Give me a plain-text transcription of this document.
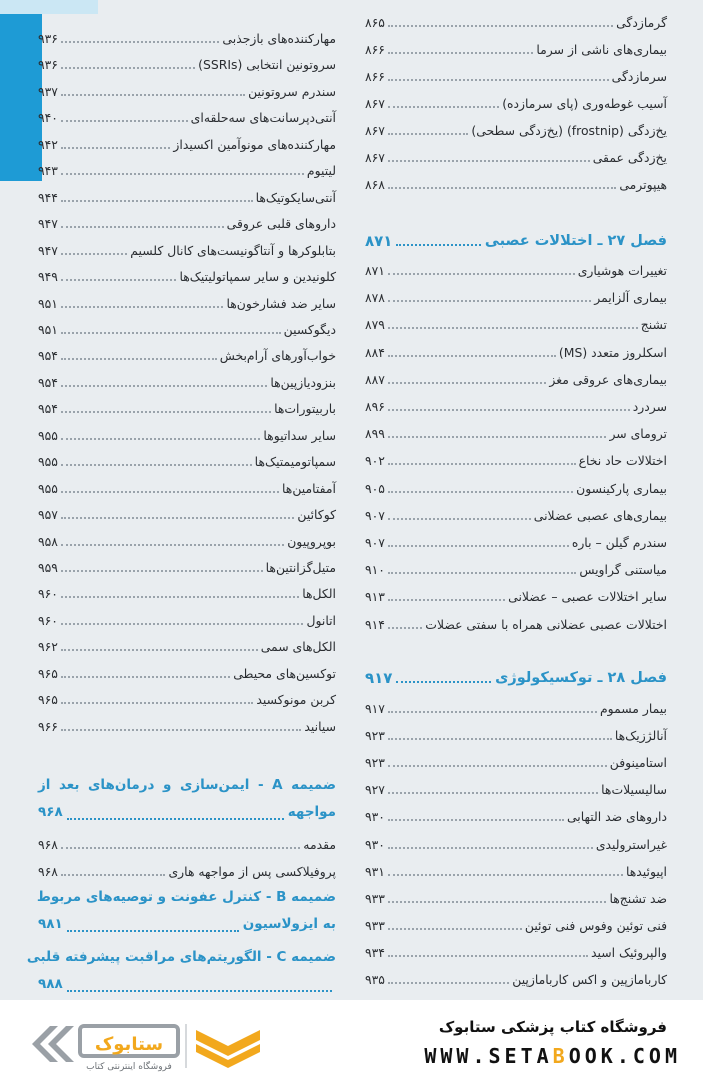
گرمازدگی
۸۶۵
بیماری‌های ناشی از سرما
۸۶۶
سرمازدگی
۸۶۶
آسیب غوطه‌وری (پای سرمازده)
۸۶۷
یخ‌زدگی (frostnip) (یخ‌زدگی سطحی)
۸۶۷
یخ‌زدگی عمقی
۸۶۷
هیپوترمی
۸۶۸
فصل ۲۷ ـ اختلالات عصبی
۸۷۱
تغییرات هوشیاری
۸۷۱
بیماری آلزایمر
۸۷۸
تشنج
۸۷۹
اسکلروز متعدد (MS)
۸۸۴
بیماری‌های عروقی مغز
۸۸۷
سردرد
۸۹۶
ترومای سر
۸۹۹
اختلالات حاد نخاع
۹۰۲
بیماری پارکینسون
۹۰۵
بیماری‌های عصبی عضلانی
۹۰۷
سندرم گیلن – باره
۹۰۷
میاستنی گراویس
۹۱۰
سایر اختلالات عصبی – عضلانی
۹۱۳
اختلالات عصبی عضلانی همراه با سفتی عضلات
۹۱۴
فصل ۲۸ ـ توکسیکولوژی
۹۱۷
بیمار مسموم
۹۱۷
آنالژزیک‌ها
۹۲۳
استامینوفن
۹۲۳
سالیسیلات‌ها
۹۲۷
داروهای ضد التهابی
۹۳۰
غیراسترولیدی
۹۳۰
اپیوئیدها
۹۳۱
ضد تشنج‌ها
۹۳۳
فنی توئین وفوس فنی توئین
۹۳۳
والپروئیک اسید
۹۳۴
کاربامازپین و اکس کاربامازپین
۹۳۵
مهارکننده‌های بازجذبی
۹۳۶
سروتونین انتخابی (SSRIs)
۹۳۶
سندرم سروتونین
۹۳۷
آنتی‌دپرسانت‌های سه‌حلقه‌ای
۹۴۰
مهارکننده‌های مونوآمین اکسیداز
۹۴۲
لیتیوم
۹۴۳
آنتی‌سایکوتیک‌ها
۹۴۴
داروهای قلبی عروقی
۹۴۷
بتابلوکرها و آنتاگونیست‌های کانال کلسیم
۹۴۷
کلونیدین و سایر سمپاتولیتیک‌ها
۹۴۹
سایر ضد فشارخون‌ها
۹۵۱
دیگوکسین
۹۵۱
خواب‌آورهای آرام‌بخش
۹۵۴
بنزودیازپین‌ها
۹۵۴
باربیتورات‌ها
۹۵۴
سایر سداتیوها
۹۵۵
سمپاتومیمتیک‌ها
۹۵۵
آمفتامین‌ها
۹۵۵
کوکائین
۹۵۷
بوپروپیون
۹۵۸
متیل‌گزانتین‌ها
۹۵۹
الکل‌ها
۹۶۰
اتانول
۹۶۰
الکل‌های سمی
۹۶۲
توکسین‌های محیطی
۹۶۵
کربن مونوکسید
۹۶۵
سیانید
۹۶۶
ضمیمه A - ایمن‌سازی و درمان‌های بعد از
مواجهه
۹۶۸
مقدمه
۹۶۸
پروفیلاکسی پس از مواجهه هاری
۹۶۸
ضمیمه B - کنترل عفونت و توصیه‌های مربوط
به ایزولاسیون
۹۸۱
ضمیمه C - الگوریتم‌های مراقبت پیشرفته قلبی
۹۸۸
ستابوک
فروشگاه اینترنتی کتاب
فروشگاه کتاب پزشکی ستابوک
WWW.SETABOOK.COM
